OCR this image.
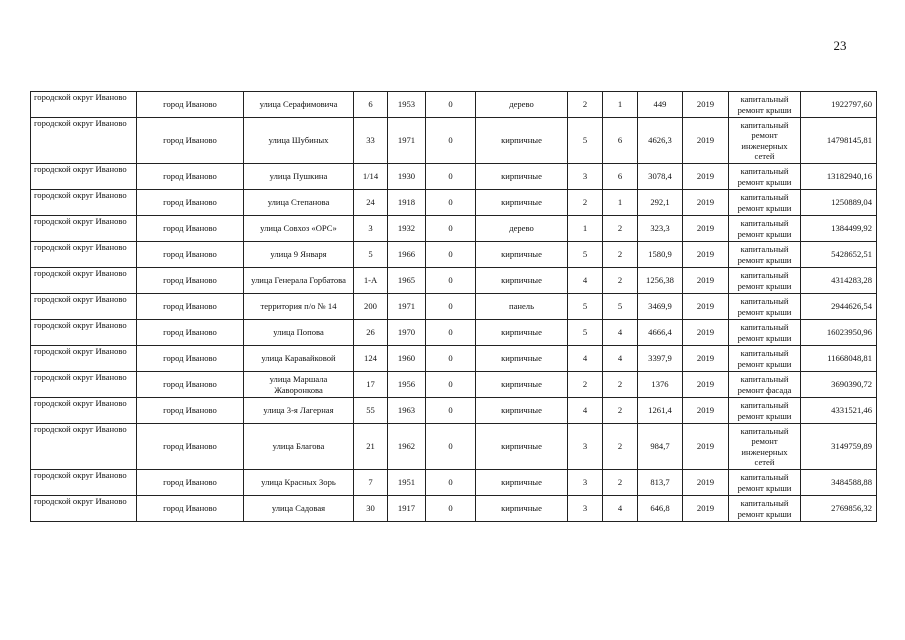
23
городской округ Иваново	город Иваново	улица Серафимовича	6	1953	0	дерево	2	1	449	2019	капитальный ремонт крыши	1922797,60
городской округ Иваново	город Иваново	улица Шубиных	33	1971	0	кирпичные	5	6	4626,3	2019	капитальный ремонт инженерных сетей	14798145,81
городской округ Иваново	город Иваново	улица Пушкина	1/14	1930	0	кирпичные	3	6	3078,4	2019	капитальный ремонт крыши	13182940,16
городской округ Иваново	город Иваново	улица Степанова	24	1918	0	кирпичные	2	1	292,1	2019	капитальный ремонт крыши	1250889,04
городской округ Иваново	город Иваново	улица Совхоз «ОРС»	3	1932	0	дерево	1	2	323,3	2019	капитальный ремонт крыши	1384499,92
городской округ Иваново	город Иваново	улица 9 Января	5	1966	0	кирпичные	5	2	1580,9	2019	капитальный ремонт крыши	5428652,51
городской округ Иваново	город Иваново	улица Генерала Горбатова	1-А	1965	0	кирпичные	4	2	1256,38	2019	капитальный ремонт крыши	4314283,28
городской округ Иваново	город Иваново	территория п/о № 14	200	1971	0	панель	5	5	3469,9	2019	капитальный ремонт крыши	2944626,54
городской округ Иваново	город Иваново	улица Попова	26	1970	0	кирпичные	5	4	4666,4	2019	капитальный ремонт крыши	16023950,96
городской округ Иваново	город Иваново	улица Каравайковой	124	1960	0	кирпичные	4	4	3397,9	2019	капитальный ремонт крыши	11668048,81
городской округ Иваново	город Иваново	улица Маршала Жаворонкова	17	1956	0	кирпичные	2	2	1376	2019	капитальный ремонт фасада	3690390,72
городской округ Иваново	город Иваново	улица 3-я Лагерная	55	1963	0	кирпичные	4	2	1261,4	2019	капитальный ремонт крыши	4331521,46
городской округ Иваново	город Иваново	улица Благова	21	1962	0	кирпичные	3	2	984,7	2019	капитальный ремонт инженерных сетей	3149759,89
городской округ Иваново	город Иваново	улица Красных Зорь	7	1951	0	кирпичные	3	2	813,7	2019	капитальный ремонт крыши	3484588,88
городской округ Иваново	город Иваново	улица Садовая	30	1917	0	кирпичные	3	4	646,8	2019	капитальный ремонт крыши	2769856,32
